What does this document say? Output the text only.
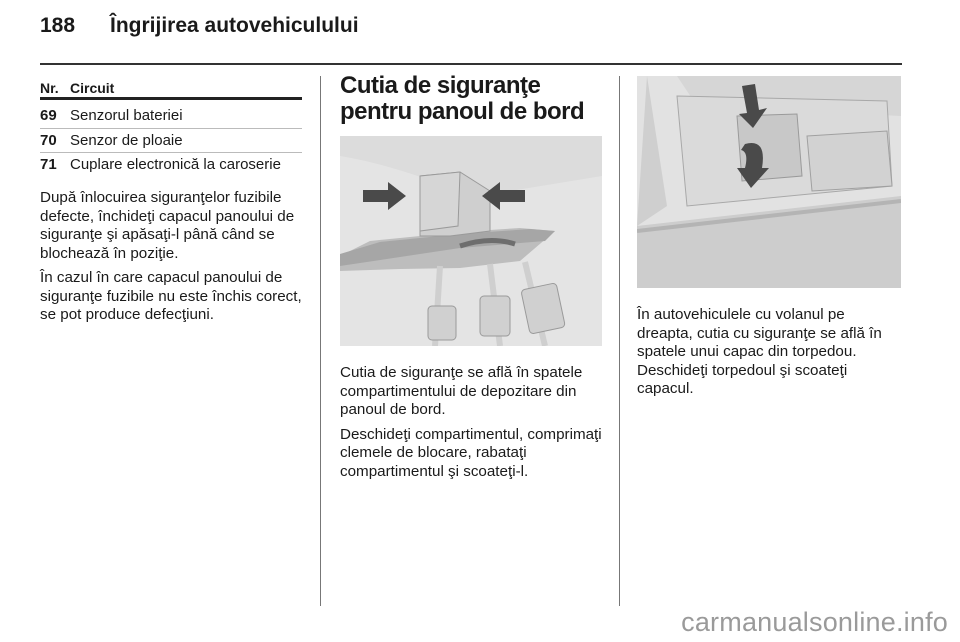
188 Îngrijirea autovehiculului
Nr. Circuit
69 Senzorul bateriei
70 Senzor de ploaie
71 Cuplare electronică la caroserie

După înlocuirea siguranţelor fuzibile defecte, închideţi capacul panoului de siguranţe şi apăsaţi-l până când se blochează în poziţie.

În cazul în care capacul panoului de siguranţe fuzibile nu este închis corect, se pot produce defecţiuni.

Cutia de siguranţe pentru panoul de bord

Cutia de siguranţe se află în spatele compartimentului de depozitare din panoul de bord.

Deschideţi compartimentul, comprimaţi clemele de blocare, rabataţi compartimentul şi scoateţi-l.

În autovehiculele cu volanul pe dreapta, cutia cu siguranţe se află în spatele unui capac din torpedou. Deschideţi torpedoul şi scoateţi capacul.

carmanualsonline.info
